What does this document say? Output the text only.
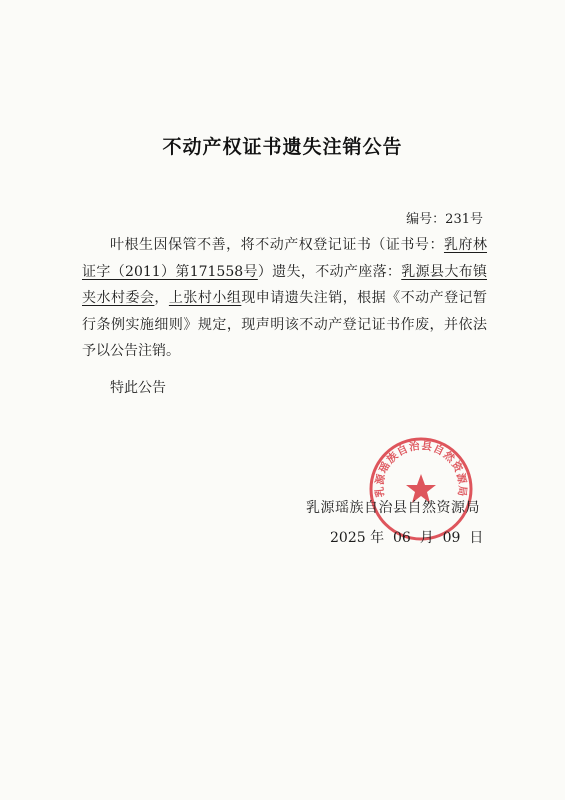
不动产权证书遗失注销公告
编号：231号

叶根生因保管不善，将不动产权登记证书（证书号：乳府林证字（2011）第171558号）遗失，不动产座落：乳源县大布镇夹水村委会，上张村小组现申请遗失注销，根据《不动产登记暂行条例实施细则》规定，现声明该不动产登记证书作废，并依法予以公告注销。

特此公告
乳源瑶族自治县自然资源局
乳源瑶族自治县自然资源局
2025 年 06 月 09 日
